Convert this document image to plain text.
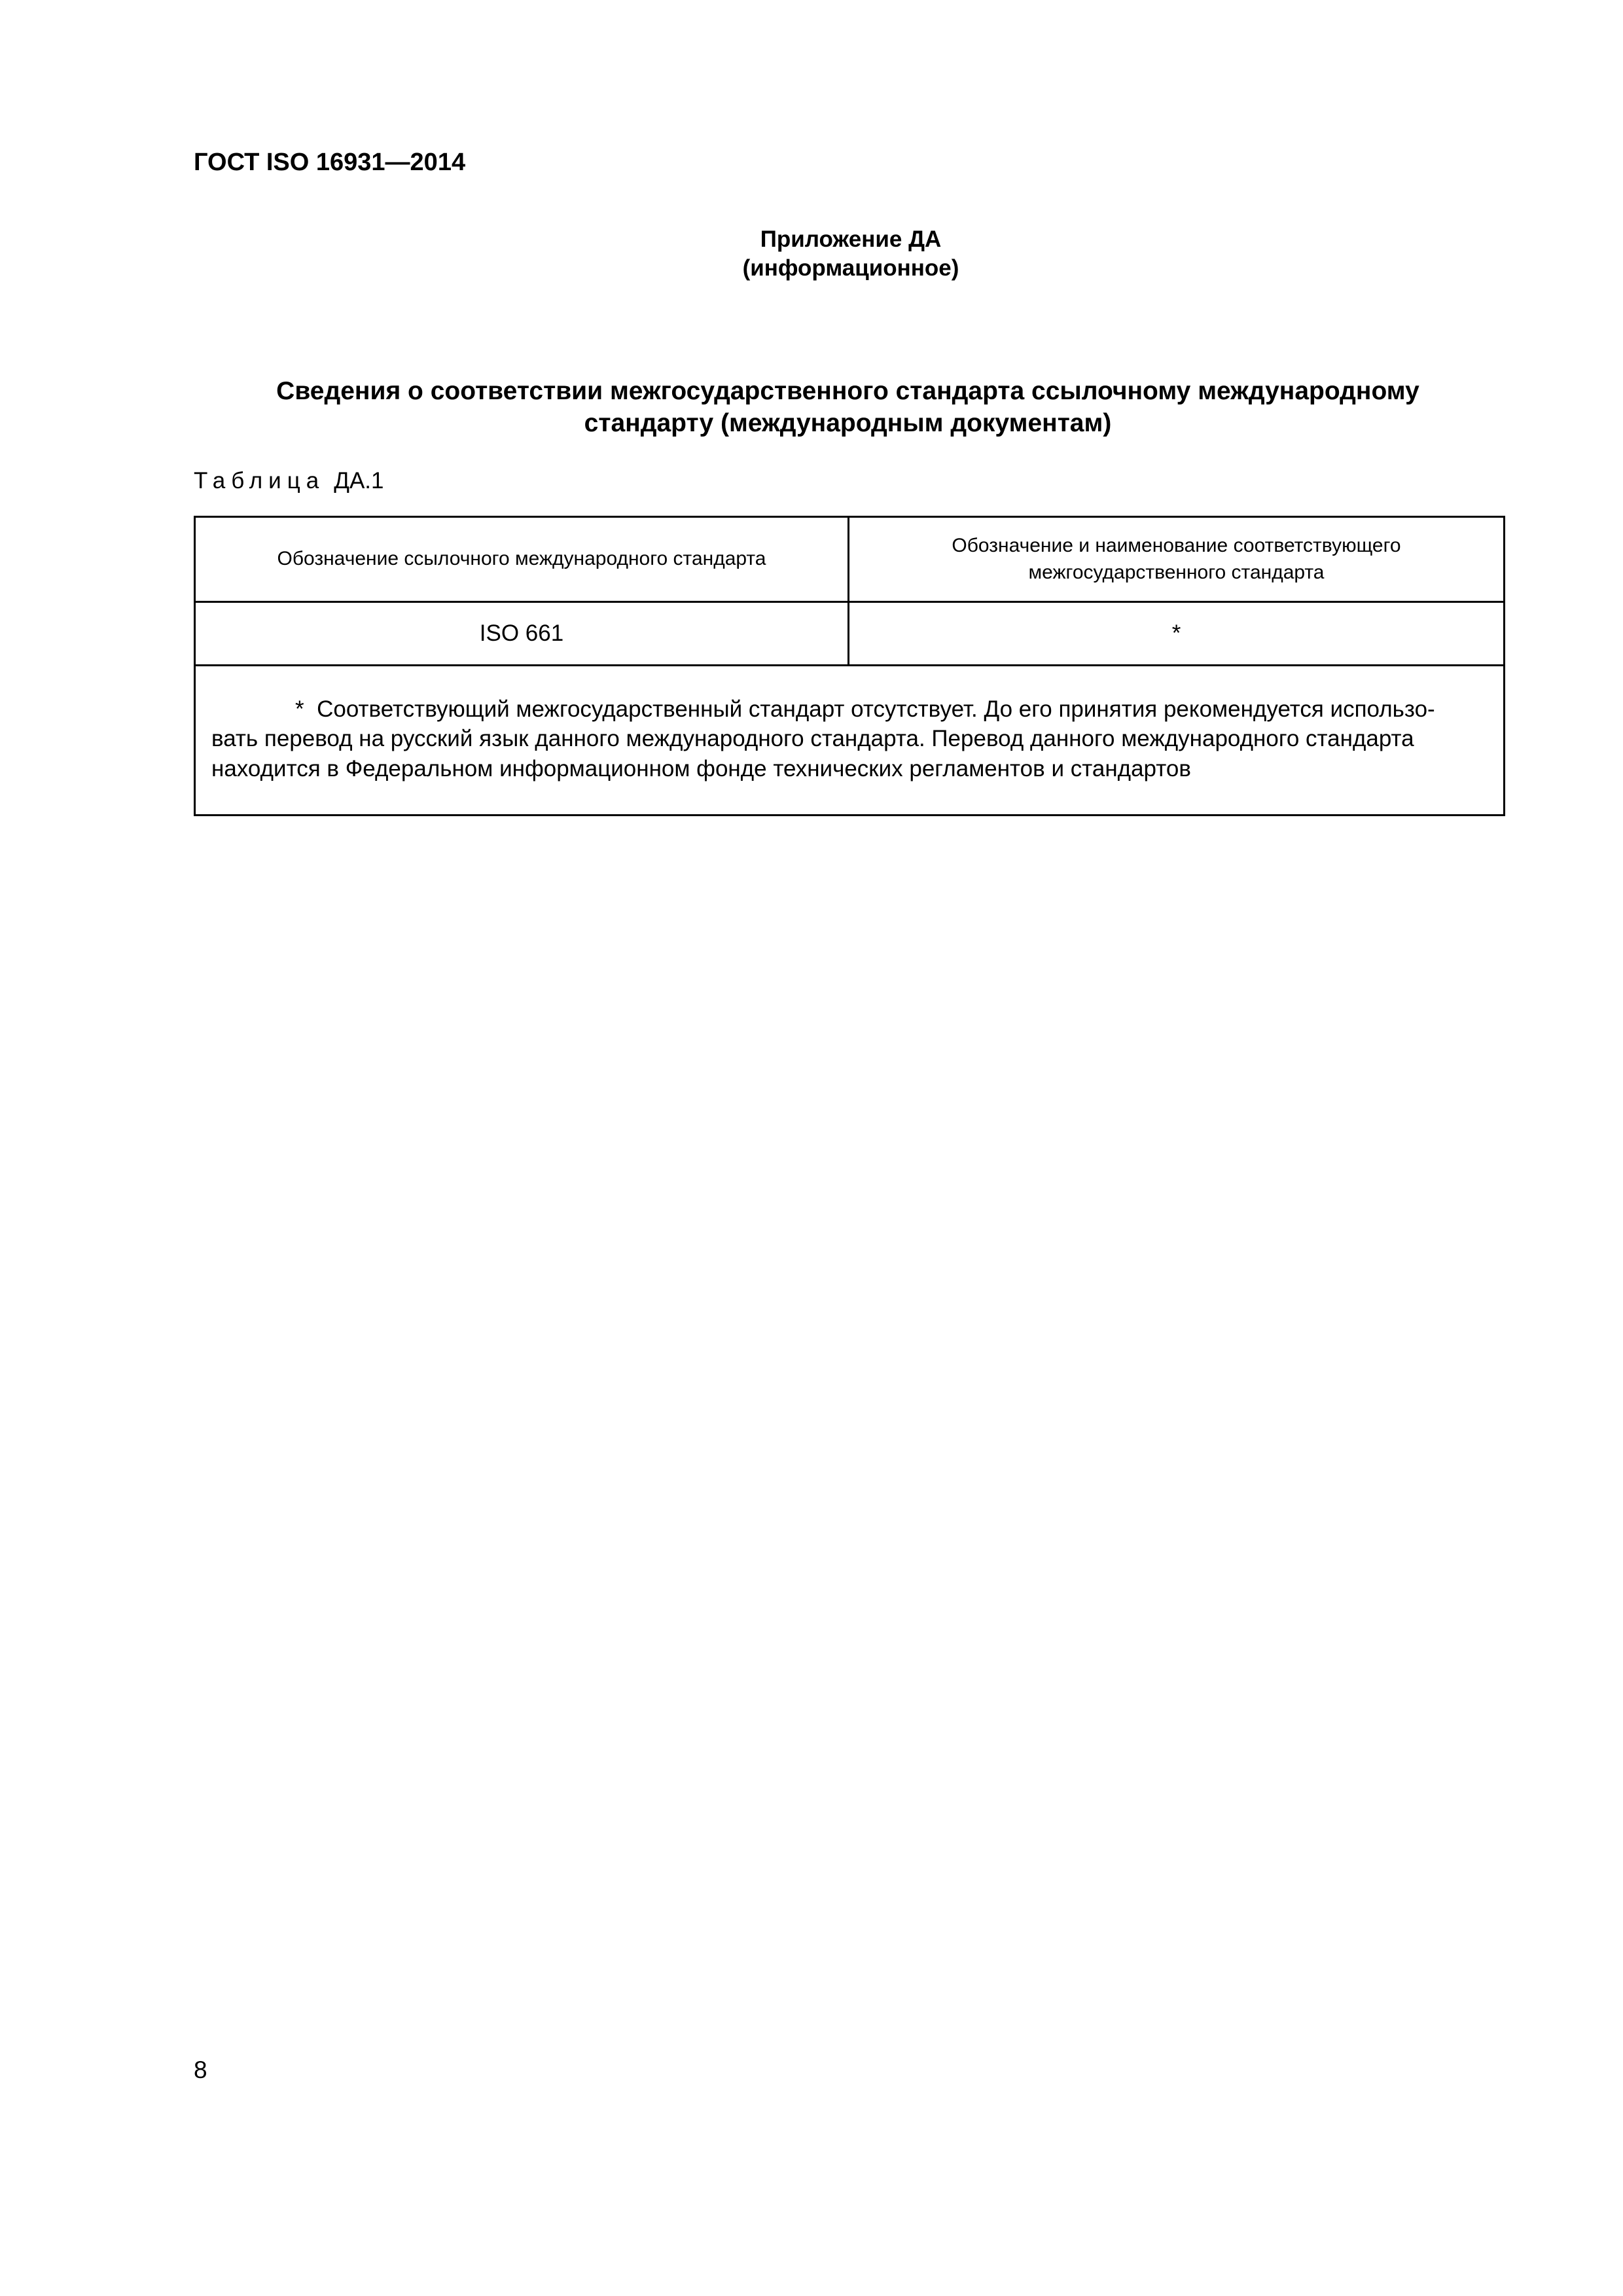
ГОСТ ISO 16931—2014
Приложение ДА
(информационное)
Сведения о соответствии межгосударственного стандарта ссылочному международному
стандарту (международным документам)
Таблица ДА.1
Обозначение ссылочного международного стандарта	Обозначение и наименование соответствующего
межгосударственного стандарта

ISO 661	*

* Соответствующий межгосударственный стандарт отсутствует. До его принятия рекомендуется использо-
вать перевод на русский язык данного международного стандарта. Перевод данного международного стандарта
находится в Федеральном информационном фонде технических регламентов и стандартов	
8
